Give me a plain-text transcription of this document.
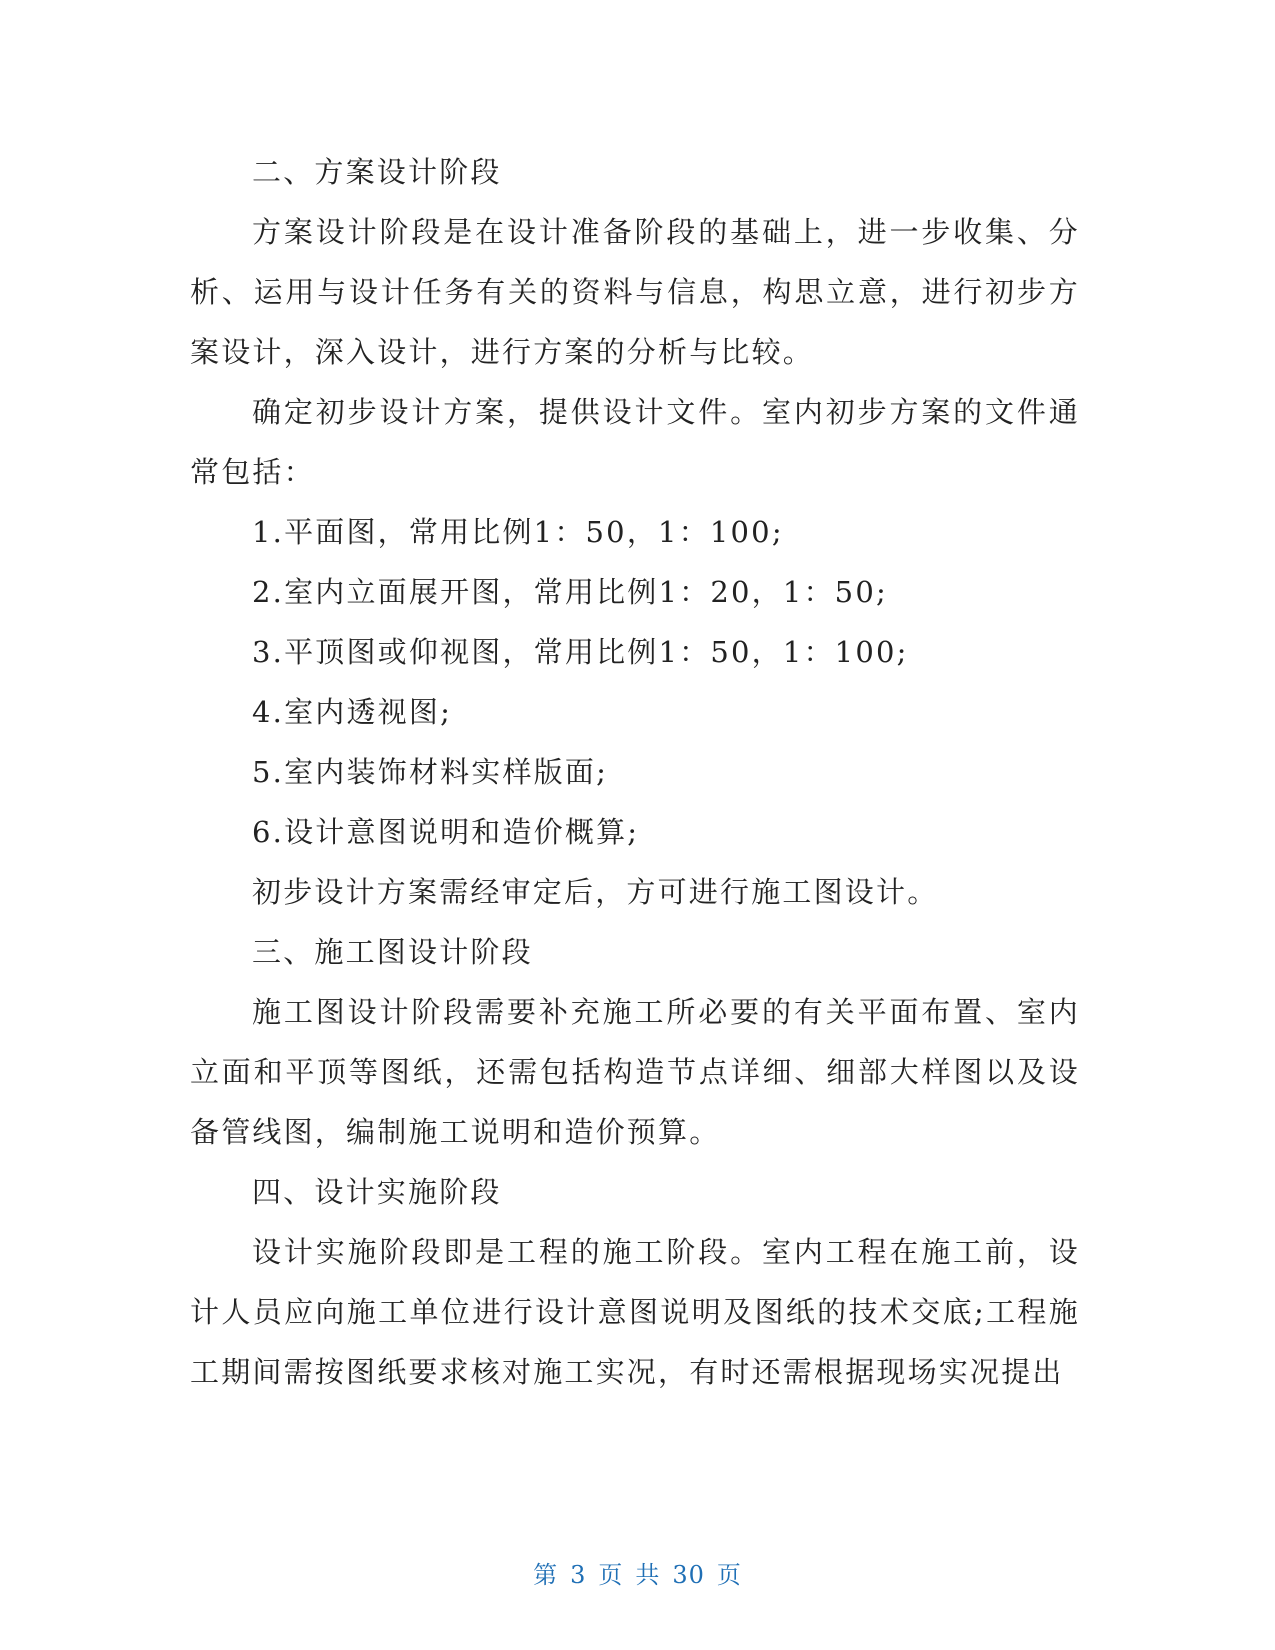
二、方案设计阶段

方案设计阶段是在设计准备阶段的基础上，进一步收集、分析、运用与设计任务有关的资料与信息，构思立意，进行初步方案设计，深入设计，进行方案的分析与比较。

确定初步设计方案，提供设计文件。室内初步方案的文件通常包括：

1.平面图，常用比例1：50，1：100;

2.室内立面展开图，常用比例1：20，1：50;

3.平顶图或仰视图，常用比例1：50，1：100;

4.室内透视图;

5.室内装饰材料实样版面;

6.设计意图说明和造价概算;

初步设计方案需经审定后，方可进行施工图设计。

三、施工图设计阶段

施工图设计阶段需要补充施工所必要的有关平面布置、室内立面和平顶等图纸，还需包括构造节点详细、细部大样图以及设备管线图，编制施工说明和造价预算。

四、设计实施阶段

设计实施阶段即是工程的施工阶段。室内工程在施工前，设计人员应向施工单位进行设计意图说明及图纸的技术交底;工程施工期间需按图纸要求核对施工实况，有时还需根据现场实况提出

第 3 页 共 30 页
